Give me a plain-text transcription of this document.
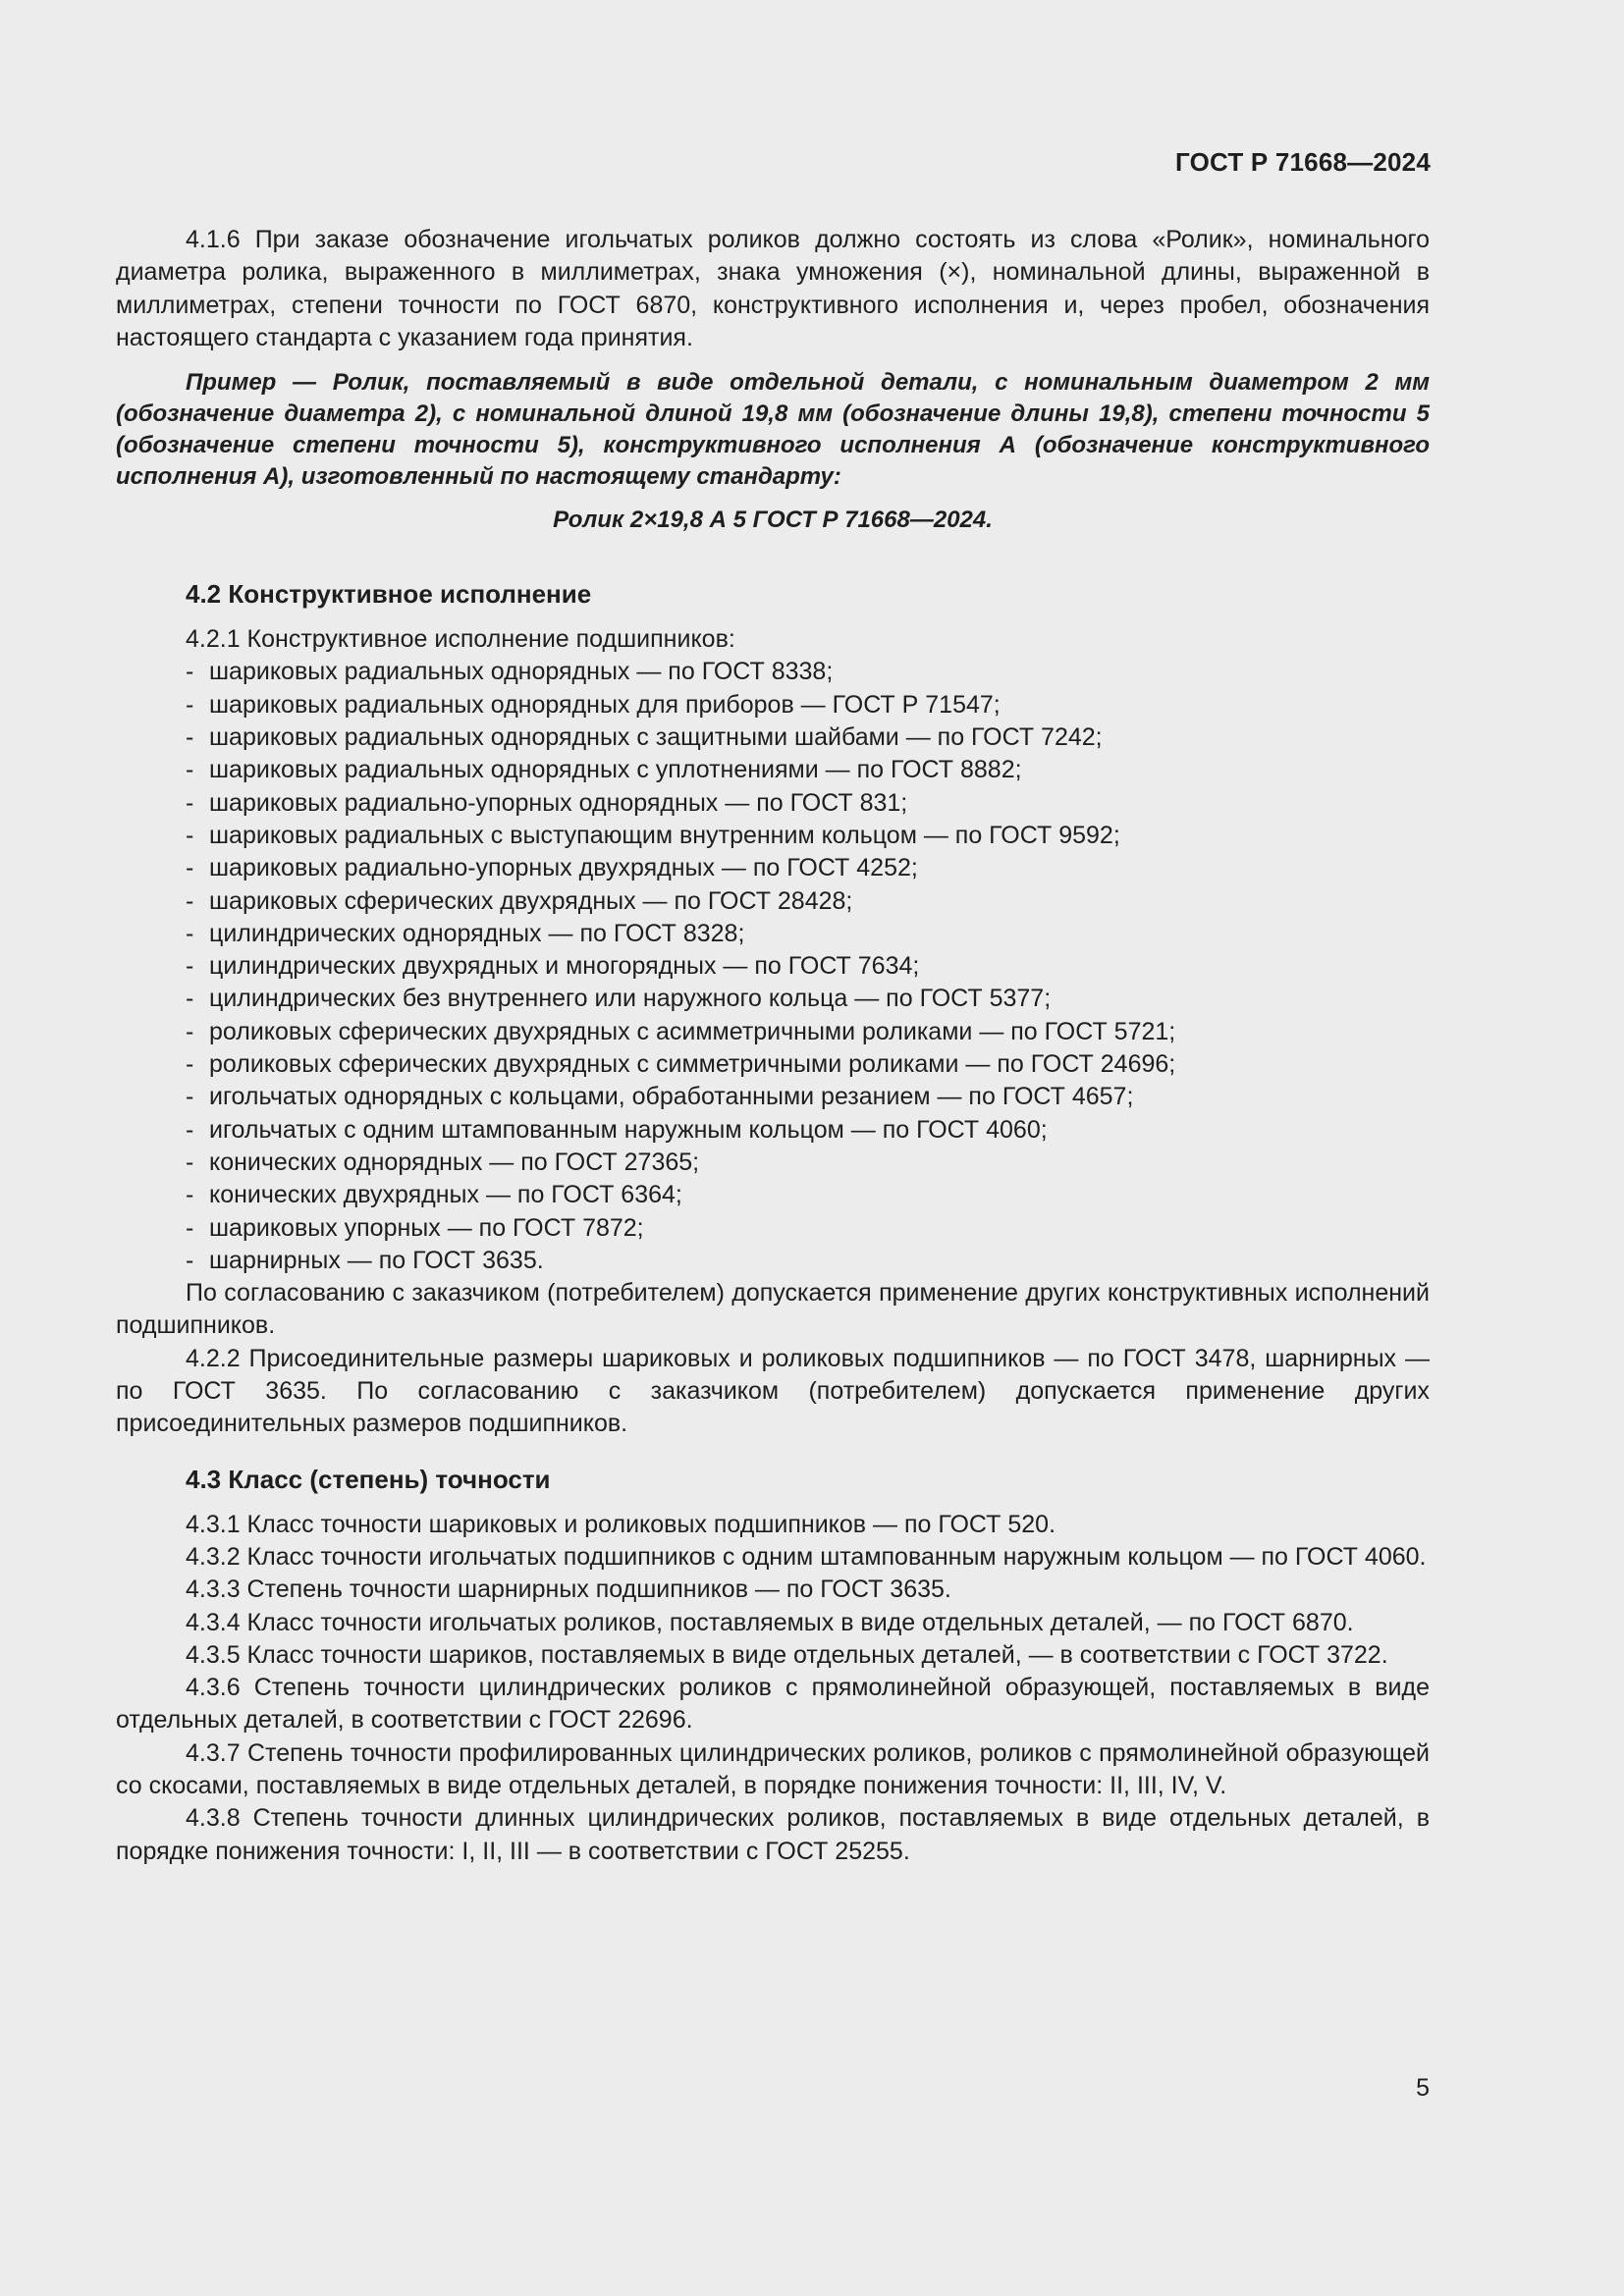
ГОСТ Р 71668—2024

4.1.6 При заказе обозначение игольчатых роликов должно состоять из слова «Ролик», номинального диаметра ролика, выраженного в миллиметрах, знака умножения (×), номинальной длины, выраженной в миллиметрах, степени точности по ГОСТ 6870, конструктивного исполнения и, через пробел, обозначения настоящего стандарта с указанием года принятия.

Пример — Ролик, поставляемый в виде отдельной детали, с номинальным диаметром 2 мм (обозначение диаметра 2), с номинальной длиной 19,8 мм (обозначение длины 19,8), степени точности 5 (обозначение степени точности 5), конструктивного исполнения А (обозначение конструктивного исполнения А), изготовленный по настоящему стандарту:

Ролик 2×19,8 А 5 ГОСТ Р 71668—2024.

4.2 Конструктивное исполнение

4.2.1 Конструктивное исполнение подшипников:

- шариковых радиальных однорядных — по ГОСТ 8338;
- шариковых радиальных однорядных для приборов — ГОСТ Р 71547;
- шариковых радиальных однорядных с защитными шайбами — по ГОСТ 7242;
- шариковых радиальных однорядных с уплотнениями — по ГОСТ 8882;
- шариковых радиально-упорных однорядных — по ГОСТ 831;
- шариковых радиальных с выступающим внутренним кольцом — по ГОСТ 9592;
- шариковых радиально-упорных двухрядных — по ГОСТ 4252;
- шариковых сферических двухрядных — по ГОСТ 28428;
- цилиндрических однорядных — по ГОСТ 8328;
- цилиндрических двухрядных и многорядных — по ГОСТ 7634;
- цилиндрических без внутреннего или наружного кольца — по ГОСТ 5377;
- роликовых сферических двухрядных с асимметричными роликами — по ГОСТ 5721;
- роликовых сферических двухрядных с симметричными роликами — по ГОСТ 24696;
- игольчатых однорядных с кольцами, обработанными резанием — по ГОСТ 4657;
- игольчатых с одним штампованным наружным кольцом — по ГОСТ 4060;
- конических однорядных — по ГОСТ 27365;
- конических двухрядных — по ГОСТ 6364;
- шариковых упорных — по ГОСТ 7872;
- шарнирных — по ГОСТ 3635.

По согласованию с заказчиком (потребителем) допускается применение других конструктивных исполнений подшипников.

4.2.2 Присоединительные размеры шариковых и роликовых подшипников — по ГОСТ 3478, шарнирных — по ГОСТ 3635. По согласованию с заказчиком (потребителем) допускается применение других присоединительных размеров подшипников.

4.3 Класс (степень) точности

4.3.1 Класс точности шариковых и роликовых подшипников — по ГОСТ 520.

4.3.2 Класс точности игольчатых подшипников с одним штампованным наружным кольцом — по ГОСТ 4060.

4.3.3 Степень точности шарнирных подшипников — по ГОСТ 3635.

4.3.4 Класс точности игольчатых роликов, поставляемых в виде отдельных деталей, — по ГОСТ 6870.

4.3.5 Класс точности шариков, поставляемых в виде отдельных деталей, — в соответствии с ГОСТ 3722.

4.3.6 Степень точности цилиндрических роликов с прямолинейной образующей, поставляемых в виде отдельных деталей, в соответствии с ГОСТ 22696.

4.3.7 Степень точности профилированных цилиндрических роликов, роликов с прямолинейной образующей со скосами, поставляемых в виде отдельных деталей, в порядке понижения точности: II, III, IV, V.

4.3.8 Степень точности длинных цилиндрических роликов, поставляемых в виде отдельных деталей, в порядке понижения точности: I, II, III — в соответствии с ГОСТ 25255.

5
